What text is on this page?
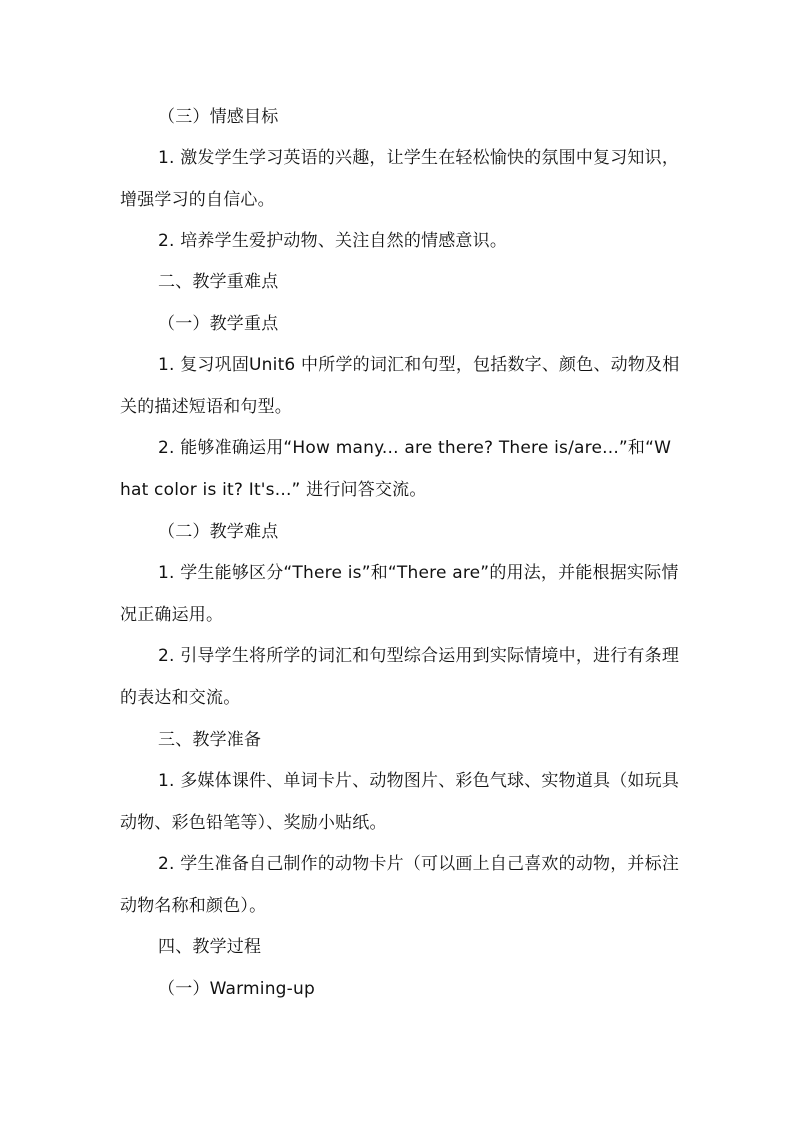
（三）情感目标

1. 激发学生学习英语的兴趣，让学生在轻松愉快的氛围中复习知识，增强学习的自信心。

2. 培养学生爱护动物、关注自然的情感意识。

二、教学重难点

（一）教学重点

1. 复习巩固Unit6 中所学的词汇和句型，包括数字、颜色、动物及相关的描述短语和句型。

2. 能够准确运用“How many... are there? There is/are...”和“What color is it? It's...” 进行问答交流。

（二）教学难点

1. 学生能够区分“There is”和“There are”的用法，并能根据实际情况正确运用。

2. 引导学生将所学的词汇和句型综合运用到实际情境中，进行有条理的表达和交流。

三、教学准备

1. 多媒体课件、单词卡片、动物图片、彩色气球、实物道具（如玩具动物、彩色铅笔等）、奖励小贴纸。

2. 学生准备自己制作的动物卡片（可以画上自己喜欢的动物，并标注动物名称和颜色）。

四、教学过程

（一）Warming-up
